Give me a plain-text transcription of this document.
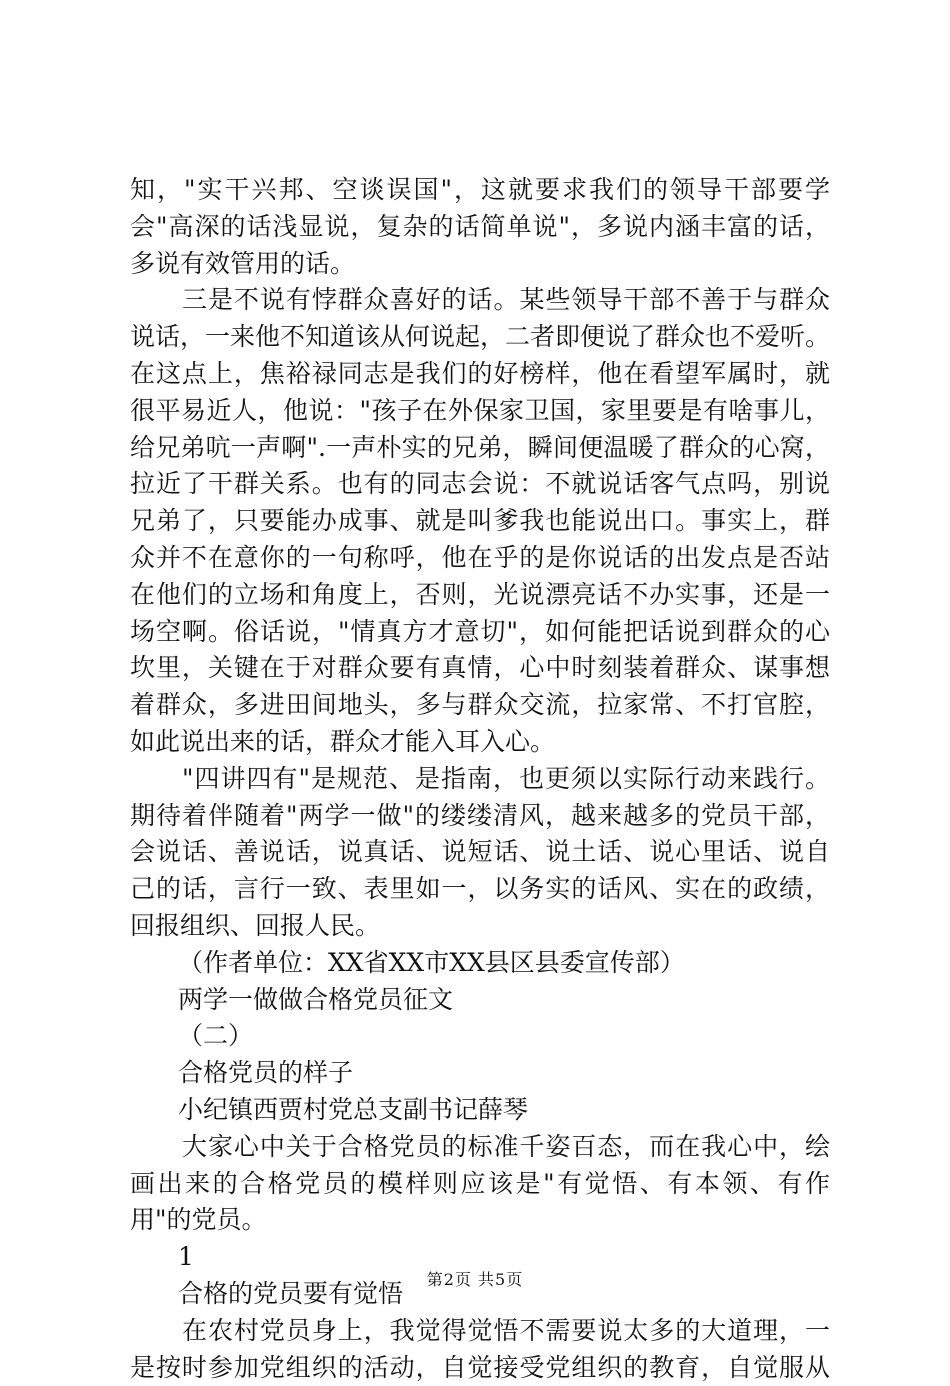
知，"实干兴邦、空谈误国"，这就要求我们的领导干部要学
会"高深的话浅显说，复杂的话简单说"，多说内涵丰富的话，
多说有效管用的话。
三是不说有悖群众喜好的话。某些领导干部不善于与群众
说话，一来他不知道该从何说起，二者即便说了群众也不爱听。
在这点上，焦裕禄同志是我们的好榜样，他在看望军属时，就
很平易近人，他说："孩子在外保家卫国，家里要是有啥事儿，
给兄弟吭一声啊".一声朴实的兄弟，瞬间便温暖了群众的心窝，
拉近了干群关系。也有的同志会说：不就说话客气点吗，别说
兄弟了，只要能办成事、就是叫爹我也能说出口。事实上，群
众并不在意你的一句称呼，他在乎的是你说话的出发点是否站
在他们的立场和角度上，否则，光说漂亮话不办实事，还是一
场空啊。俗话说，"情真方才意切"，如何能把话说到群众的心
坎里，关键在于对群众要有真情，心中时刻装着群众、谋事想
着群众，多进田间地头，多与群众交流，拉家常、不打官腔，
如此说出来的话，群众才能入耳入心。
"四讲四有"是规范、是指南，也更须以实际行动来践行。
期待着伴随着"两学一做"的缕缕清风，越来越多的党员干部，
会说话、善说话，说真话、说短话、说土话、说心里话、说自
己的话，言行一致、表里如一，以务实的话风、实在的政绩，
回报组织、回报人民。
（作者单位：XX省XX市XX县区县委宣传部）
两学一做做合格党员征文
（二）
合格党员的样子
小纪镇西贾村党总支副书记薛琴
大家心中关于合格党员的标准千姿百态，而在我心中，绘
画出来的合格党员的模样则应该是"有觉悟、有本领、有作
用"的党员。
1
合格的党员要有觉悟
在农村党员身上，我觉得觉悟不需要说太多的大道理，一
是按时参加党组织的活动，自觉接受党组织的教育，自觉服从
第2页 共5页
